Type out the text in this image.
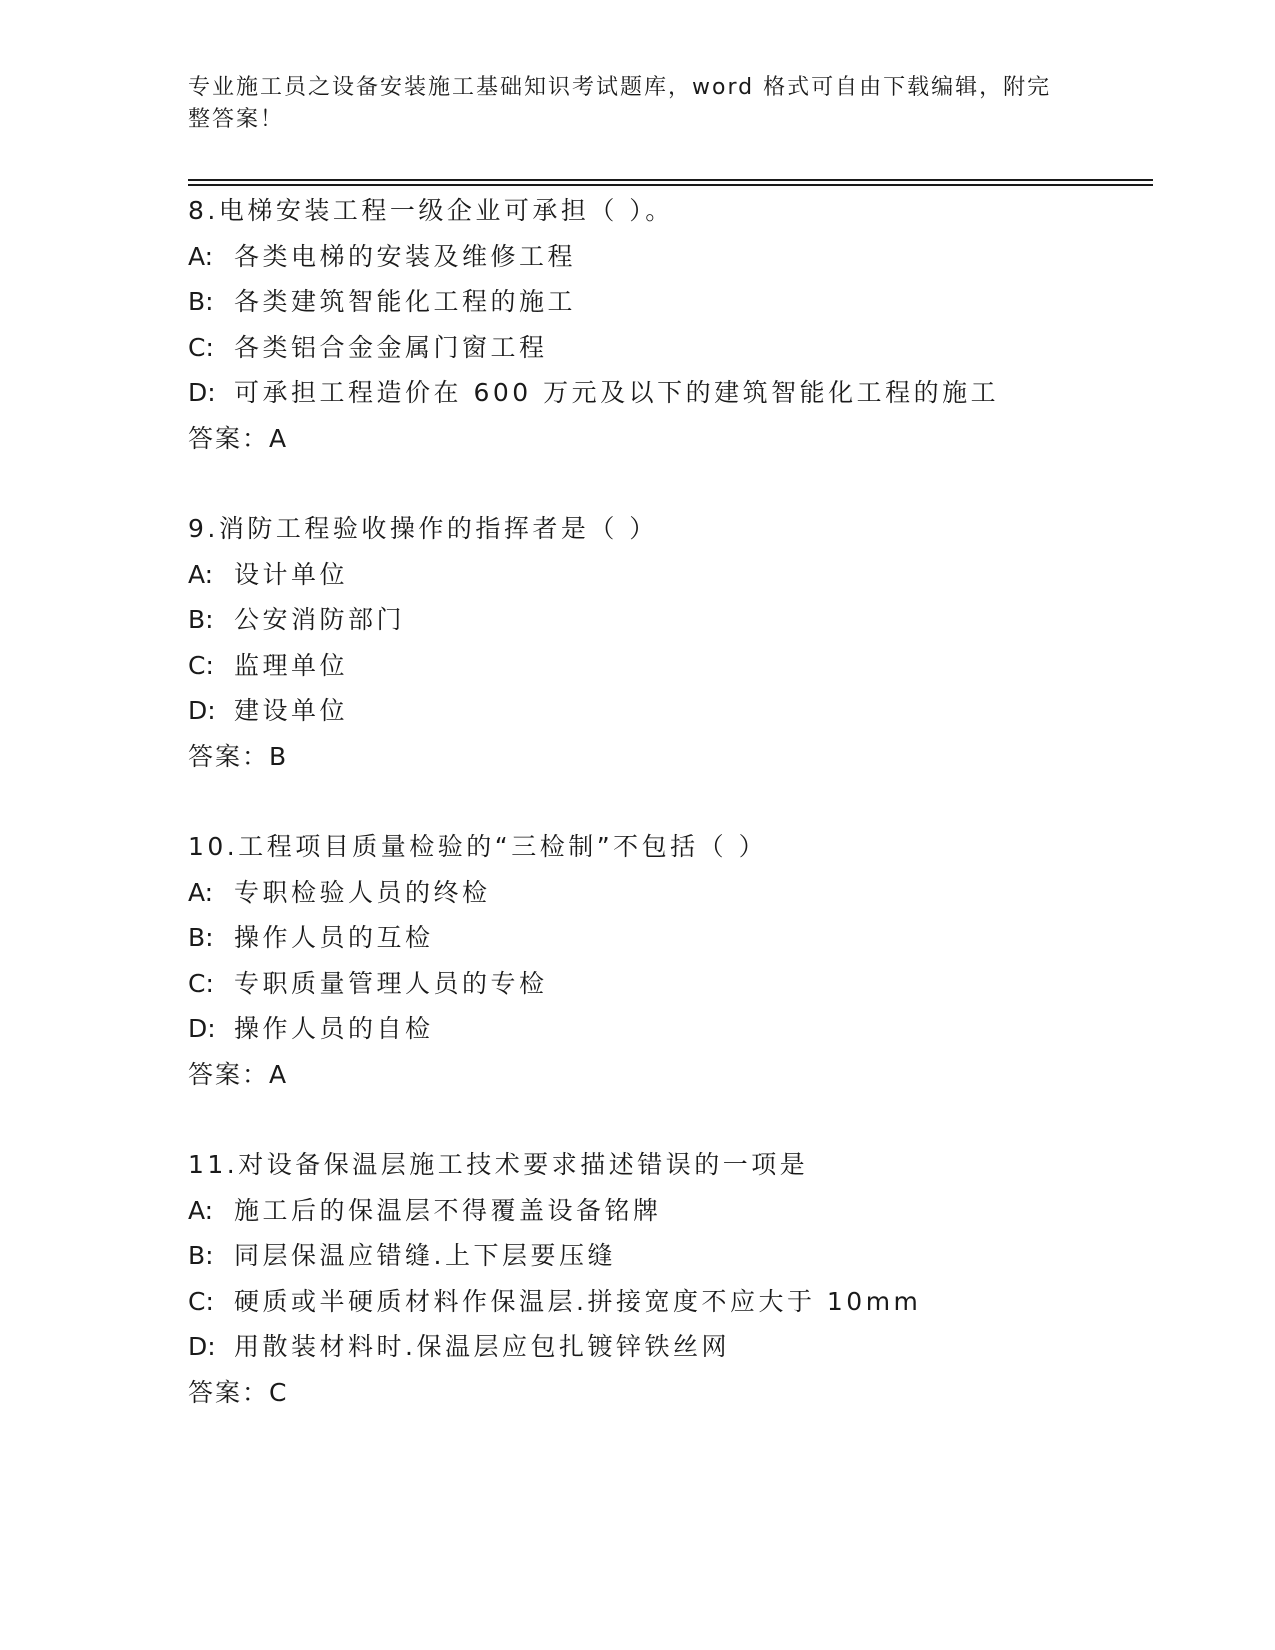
专业施工员之设备安装施工基础知识考试题库，word 格式可自由下载编辑，附完整答案！
8.电梯安装工程一级企业可承担（ ）。
A: 各类电梯的安装及维修工程
B: 各类建筑智能化工程的施工
C: 各类铝合金金属门窗工程
D: 可承担工程造价在 600 万元及以下的建筑智能化工程的施工
答案：A
9.消防工程验收操作的指挥者是（ ）
A: 设计单位
B: 公安消防部门
C: 监理单位
D: 建设单位
答案：B
10.工程项目质量检验的“三检制”不包括（ ）
A: 专职检验人员的终检
B: 操作人员的互检
C: 专职质量管理人员的专检
D: 操作人员的自检
答案：A
11.对设备保温层施工技术要求描述错误的一项是
A: 施工后的保温层不得覆盖设备铭牌
B: 同层保温应错缝.上下层要压缝
C: 硬质或半硬质材料作保温层.拼接宽度不应大于 10mm
D: 用散装材料时.保温层应包扎镀锌铁丝网
答案：C
